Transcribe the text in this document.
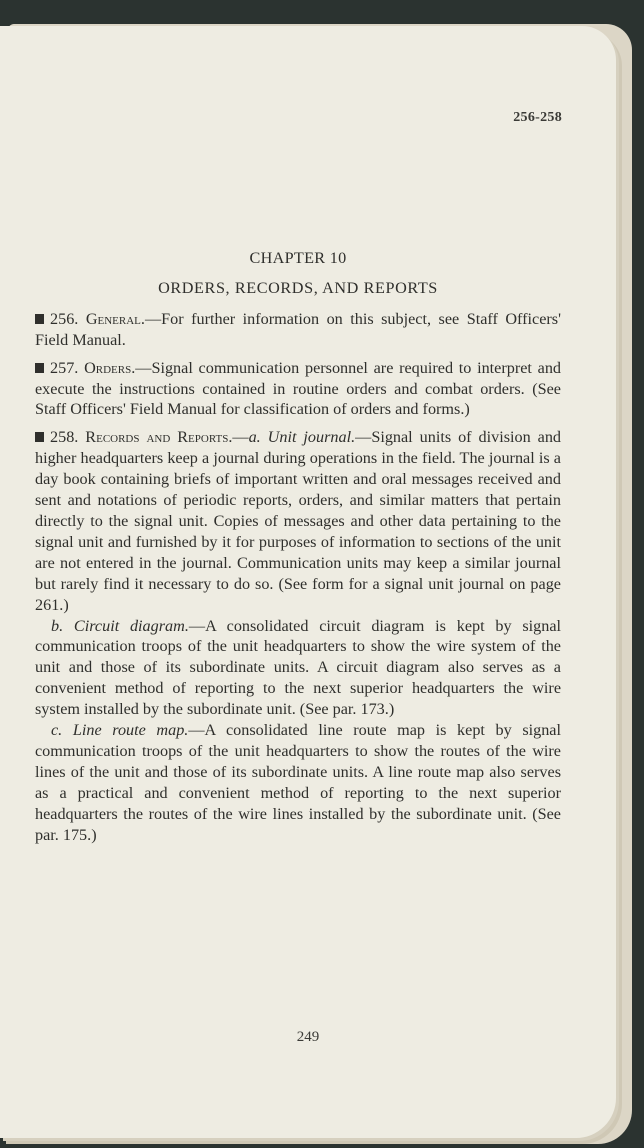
256-258
CHAPTER 10
ORDERS, RECORDS, AND REPORTS

256. General.—For further information on this subject, see Staff Officers' Field Manual.

257. Orders.—Signal communication personnel are required to interpret and execute the instructions contained in routine orders and combat orders. (See Staff Officers' Field Manual for classification of orders and forms.)

258. Records and Reports.—a. Unit journal.—Signal units of division and higher headquarters keep a journal during operations in the field. The journal is a day book containing briefs of important written and oral messages received and sent and notations of periodic reports, orders, and similar matters that pertain directly to the signal unit. Copies of messages and other data pertaining to the signal unit and furnished by it for purposes of information to sections of the unit are not entered in the journal. Communication units may keep a similar journal but rarely find it necessary to do so. (See form for a signal unit journal on page 261.)

b. Circuit diagram.—A consolidated circuit diagram is kept by signal communication troops of the unit headquarters to show the wire system of the unit and those of its subordinate units. A circuit diagram also serves as a convenient method of reporting to the next superior headquarters the wire system installed by the subordinate unit. (See par. 173.)

c. Line route map.—A consolidated line route map is kept by signal communication troops of the unit headquarters to show the routes of the wire lines of the unit and those of its subordinate units. A line route map also serves as a practical and convenient method of reporting to the next superior headquarters the routes of the wire lines installed by the subordinate unit. (See par. 175.)

249
